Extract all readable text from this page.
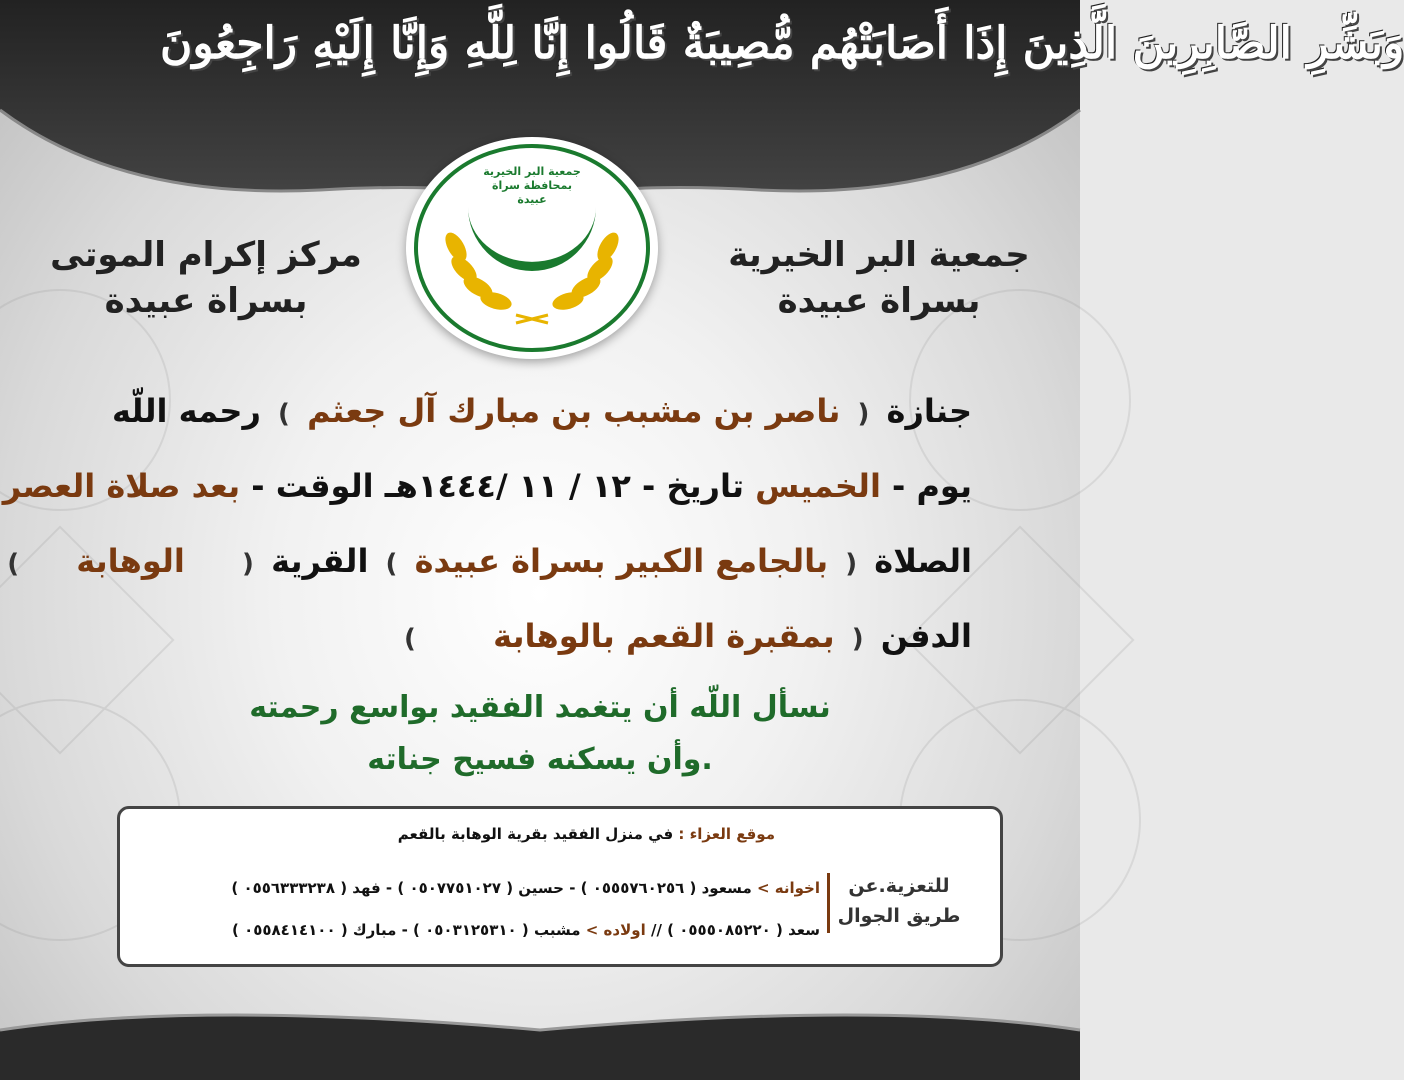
وَبَشِّرِ الصَّابِرِينَ الَّذِينَ إِذَا أَصَابَتْهُم مُّصِيبَةٌ قَالُوا إِنَّا لِلَّهِ وَإِنَّا إِلَيْهِ رَاجِعُونَ
جمعية البر الخيرية
بمحافظة سراة عبيدة
جمعية البر الخيرية
بسراة عبيدة
مركز إكرام الموتى
بسراة عبيدة
جنازة ( ناصر بن مشبب بن مبارك آل جعثم ) رحمه اللّه
يوم - الخميس تاريخ - ١٢ / ١١ /١٤٤٤هـ الوقت - بعد صلاة العصر
الصلاة ( بالجامع الكبير بسراة عبيدة ) القرية ( الوهابة )
الدفن ( بمقبرة القعم بالوهابة )
نسأل اللّه أن يتغمد الفقيد بواسع رحمته
وأن يسكنه فسيح جناته.
موقع العزاء : في منزل الفقيد بقرية الوهابة بالقعم
للتعزية.عن
طريق الجوال
اخوانه > مسعود ( ٠٥٥٥٧٦٠٢٥٦ ) - حسين ( ٠٥٠٧٧٥١٠٢٧ ) - فهد ( ٠٥٥٦٣٣٣٢٣٨ )
سعد ( ٠٥٥٥٠٨٥٢٢٠ ) // اولاده > مشبب ( ٠٥٠٣١٢٥٣١٠ ) - مبارك ( ٠٥٥٨٤١٤١٠٠ )
